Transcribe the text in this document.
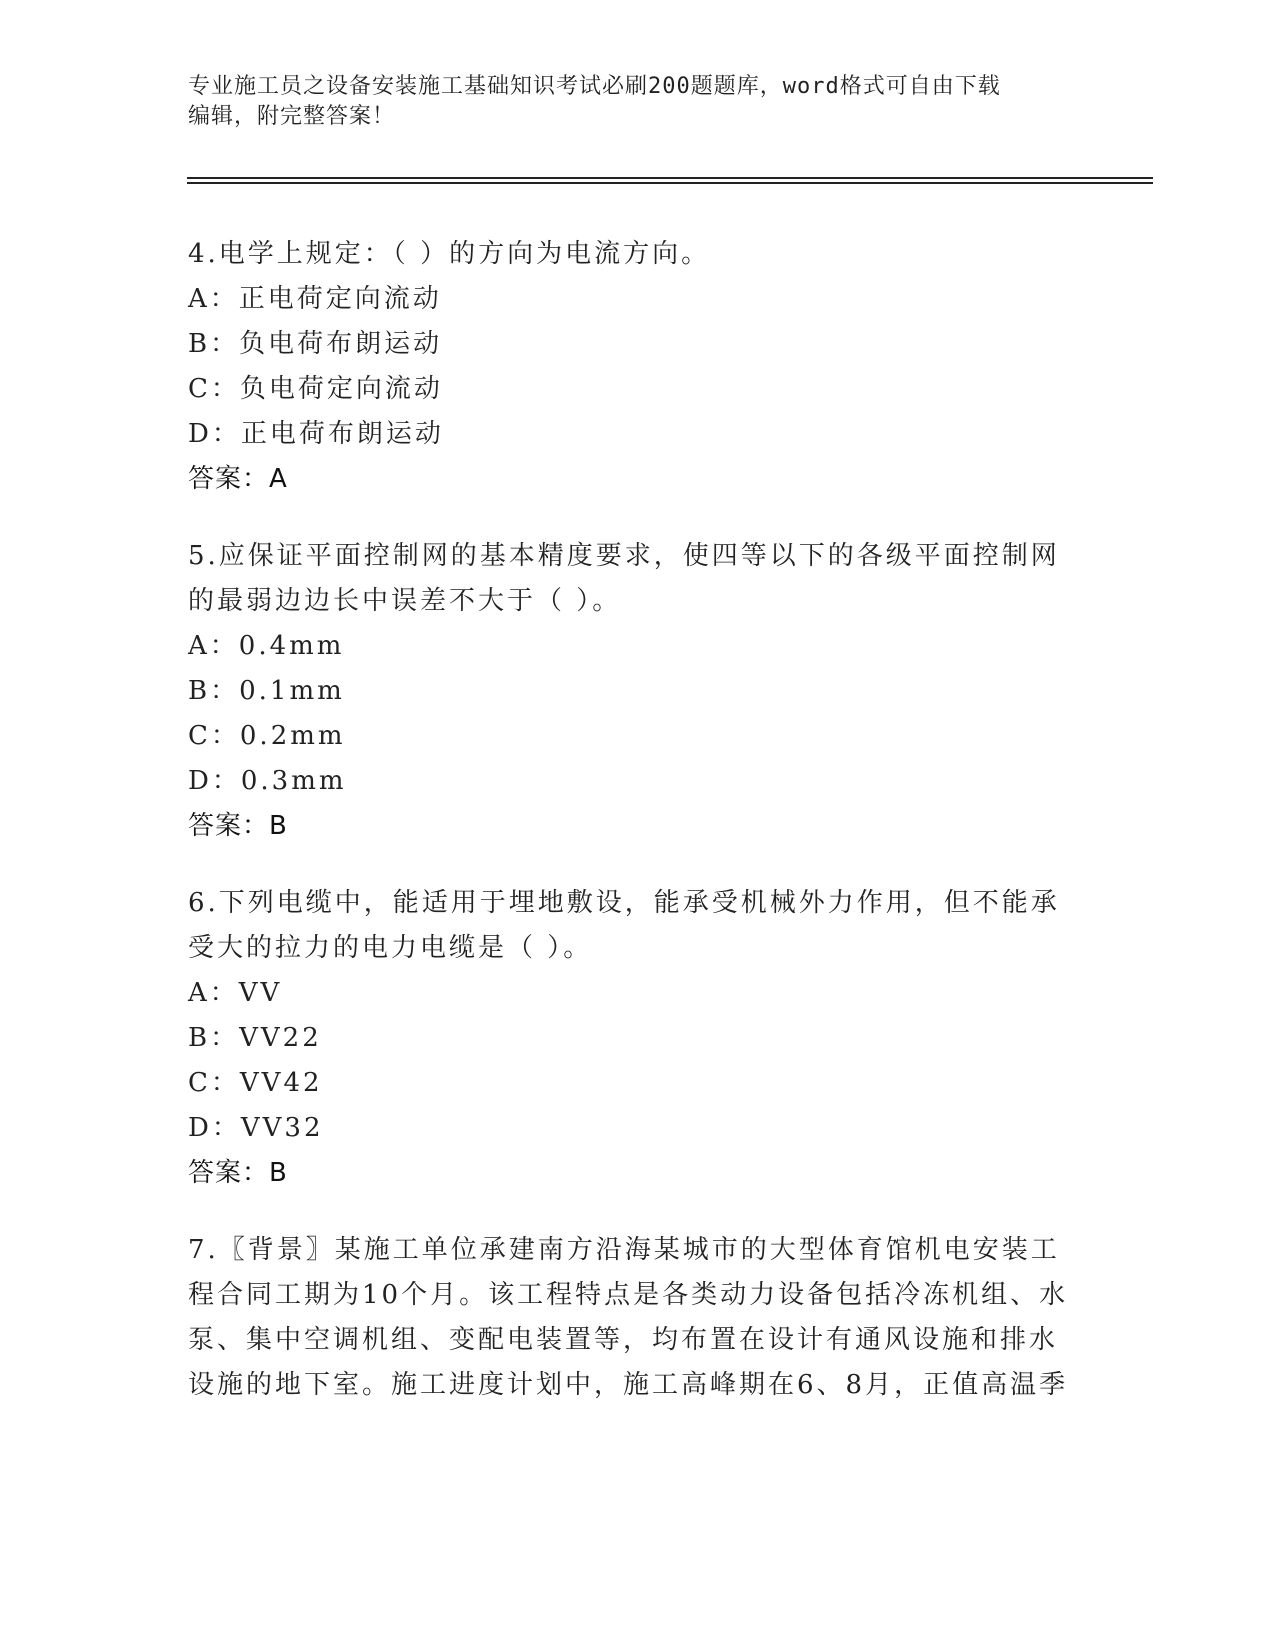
专业施工员之设备安装施工基础知识考试必刷200题题库，word格式可自由下载
编辑，附完整答案！
4.电学上规定：（ ）的方向为电流方向。
A：正电荷定向流动
B：负电荷布朗运动
C：负电荷定向流动
D：正电荷布朗运动
答案：A
5.应保证平面控制网的基本精度要求，使四等以下的各级平面控制网
的最弱边边长中误差不大于（ ）。
A：0.4mm
B：0.1mm
C：0.2mm
D：0.3mm
答案：B
6.下列电缆中，能适用于埋地敷设，能承受机械外力作用，但不能承
受大的拉力的电力电缆是（ ）。
A：VV
B：VV22
C：VV42
D：VV32
答案：B
7.〖背景〗某施工单位承建南方沿海某城市的大型体育馆机电安装工
程合同工期为10个月。该工程特点是各类动力设备包括冷冻机组、水
泵、集中空调机组、变配电装置等，均布置在设计有通风设施和排水
设施的地下室。施工进度计划中，施工高峰期在6、8月，正值高温季
